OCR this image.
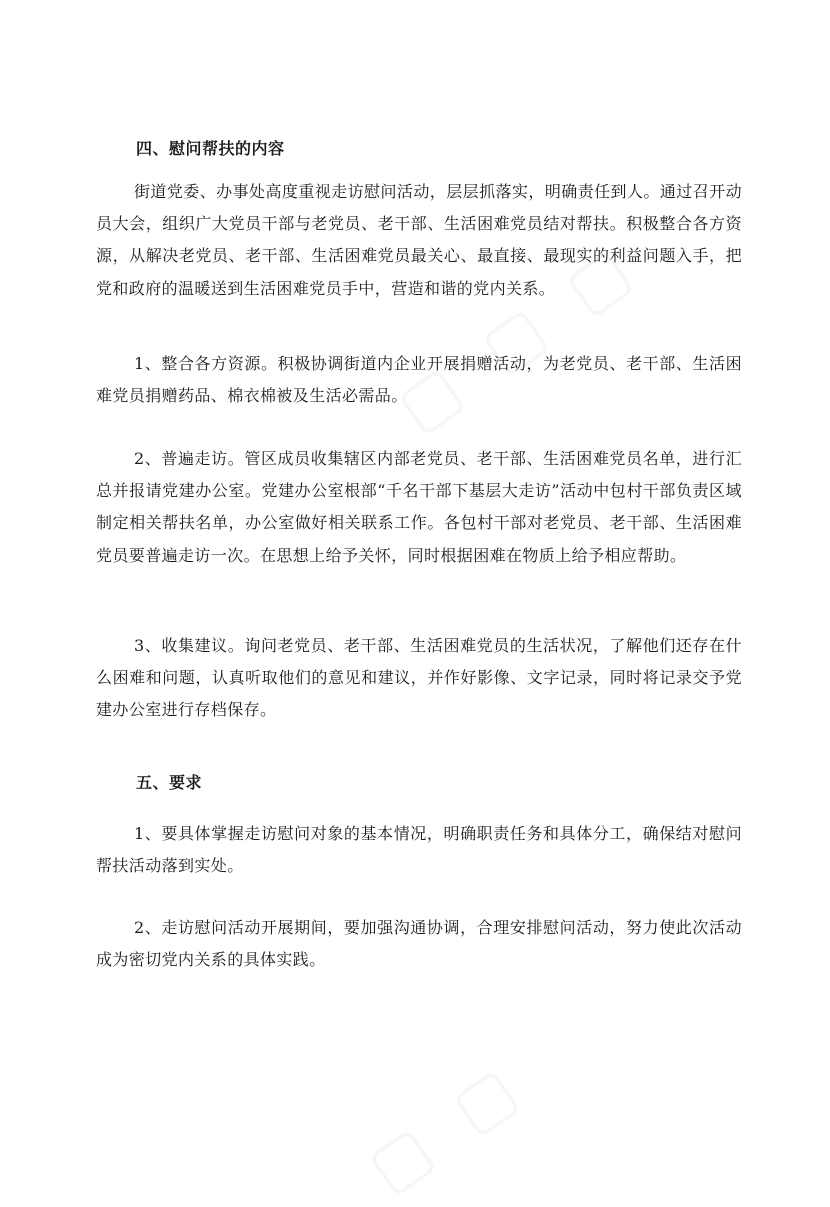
四、慰问帮扶的内容

街道党委、办事处高度重视走访慰问活动，层层抓落实，明确责任到人。通过召开动员大会，组织广大党员干部与老党员、老干部、生活困难党员结对帮扶。积极整合各方资源，从解决老党员、老干部、生活困难党员最关心、最直接、最现实的利益问题入手，把党和政府的温暖送到生活困难党员手中，营造和谐的党内关系。

1、整合各方资源。积极协调街道内企业开展捐赠活动，为老党员、老干部、生活困难党员捐赠药品、棉衣棉被及生活必需品。

2、普遍走访。管区成员收集辖区内部老党员、老干部、生活困难党员名单，进行汇总并报请党建办公室。党建办公室根部“千名干部下基层大走访”活动中包村干部负责区域制定相关帮扶名单，办公室做好相关联系工作。各包村干部对老党员、老干部、生活困难党员要普遍走访一次。在思想上给予关怀，同时根据困难在物质上给予相应帮助。

3、收集建议。询问老党员、老干部、生活困难党员的生活状况，了解他们还存在什么困难和问题，认真听取他们的意见和建议，并作好影像、文字记录，同时将记录交予党建办公室进行存档保存。

五、要求

1、要具体掌握走访慰问对象的基本情况，明确职责任务和具体分工，确保结对慰问帮扶活动落到实处。

2、走访慰问活动开展期间，要加强沟通协调，合理安排慰问活动，努力使此次活动成为密切党内关系的具体实践。
